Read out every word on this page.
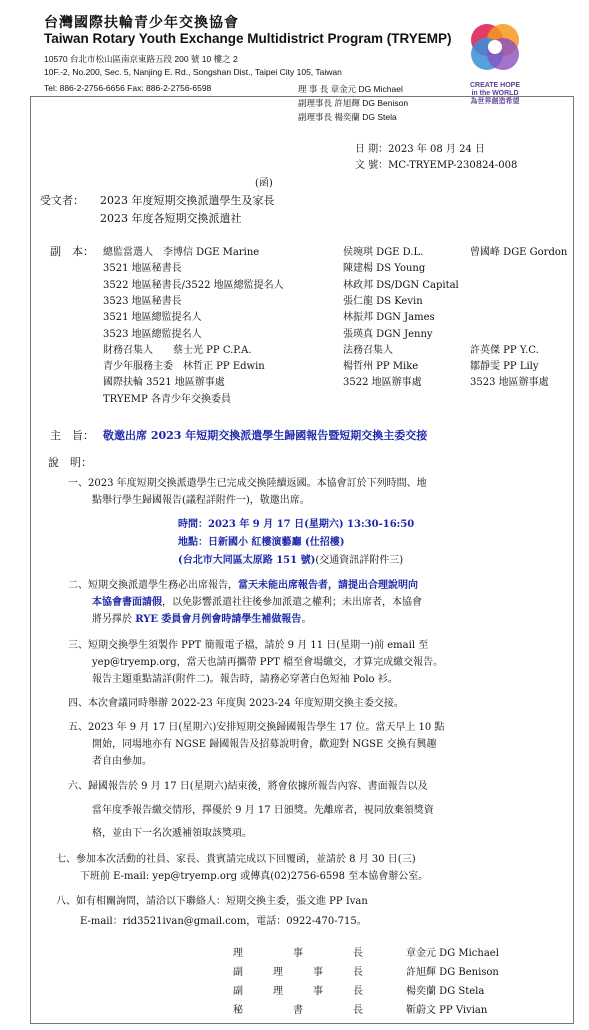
台灣國際扶輪青少年交換協會
Taiwan Rotary Youth Exchange Multidistrict Program (TRYEMP)
10570 台北市松山區南京東路五段 200 號 10 樓之 2
10F.-2, No.200, Sec. 5, Nanjing E. Rd., Songshan Dist., Taipei City 105, Taiwan
Tel: 886-2-2756-6656 Fax: 886-2-2756-6598	理 事 長 章金元 DG Michael
副理事長 許旭輝 DG Benison
副理事長 楊奕蘭 DG Stela
CREATE HOPE
in the WORLD
為世界創造希望
日 期：2023 年 08 月 24 日
文 號：MC-TRYEMP-230824-008
(函)
受文者： 2023 年度短期交換派遣學生及家長
2023 年度各短期交換派遣社
副　本： 總監當選人　李博信 DGE Marine	侯琬琪 DGE D.L.	曾國峰 DGE Gordon
3521 地區秘書長	陳建楊 DS Young
3522 地區秘書長/3522 地區總監提名人	林政邦 DS/DGN Capital
3523 地區秘書長	張仁龍 DS Kevin
3521 地區總監提名人	林振邦 DGN James
3523 地區總監提名人	張瑛真 DGN Jenny
財務召集人　　蔡士光 PP C.P.A.	法務召集人	許英傑 PP Y.C.
青少年服務主委　林哲正 PP Edwin	楊哲州 PP Mike	鄒靜雯 PP Lily
國際扶輪 3521 地區辦事處	3522 地區辦事處	3523 地區辦事處
TRYEMP 各青少年交換委員
主　旨： 敬邀出席 2023 年短期交換派遣學生歸國報告暨短期交換主委交接
說　明：
一、2023 年度短期交換派遣學生已完成交換陸續返國。本協會訂於下列時間、地
點舉行學生歸國報告(議程詳附件一)，敬邀出席。
時間：2023 年 9 月 17 日(星期六) 13:30-16:50
地點：日新國小 紅樓演藝廳 (仕招樓)
(台北市大同區太原路 151 號)(交通資訊詳附件三)
二、短期交換派遣學生務必出席報告，當天未能出席報告者，請提出合理說明向
本協會書面請假，以免影響派遣社往後參加派遣之權利；未出席者，本協會
將另擇於 RYE 委員會月例會時請學生補做報告。
三、短期交換學生須製作 PPT 簡報電子檔，請於 9 月 11 日(星期一)前 email 至
yep@tryemp.org，當天也請再攜帶 PPT 檔至會場繳交，才算完成繳交報告。
報告主題重點請詳(附件二)。報告時，請務必穿著白色短袖 Polo 衫。
四、本次會議同時舉辦 2022-23 年度與 2023-24 年度短期交換主委交接。
五、2023 年 9 月 17 日(星期六)安排短期交換歸國報告學生 17 位。當天早上 10 點
開始，同場地亦有 NGSE 歸國報告及招募說明會，歡迎對 NGSE 交換有興趣
者自由參加。
六、歸國報告於 9 月 17 日(星期六)結束後，將會依據所報告內容、書面報告以及
當年度季報告繳交情形，擇優於 9 月 17 日頒獎。先離席者，視同放棄領獎資
格，並由下一名次遞補領取該獎項。
七、參加本次活動的社員、家長、貴賓請完成以下回覆函，並請於 8 月 30 日(三)
下班前 E-mail: yep@tryemp.org 或傳真(02)2756-6598 至本協會辦公室。
八、如有相關詢問，請洽以下聯絡人：短期交換主委，張文進 PP Ivan
E-mail：rid3521ivan@gmail.com，電話：0922-470-715。
理	事	長	章金元 DG Michael
副	理	事	長	許旭輝 DG Benison
副	理	事	長	楊奕蘭 DG Stela
秘	書	長	靳蔚文 PP Vivian
